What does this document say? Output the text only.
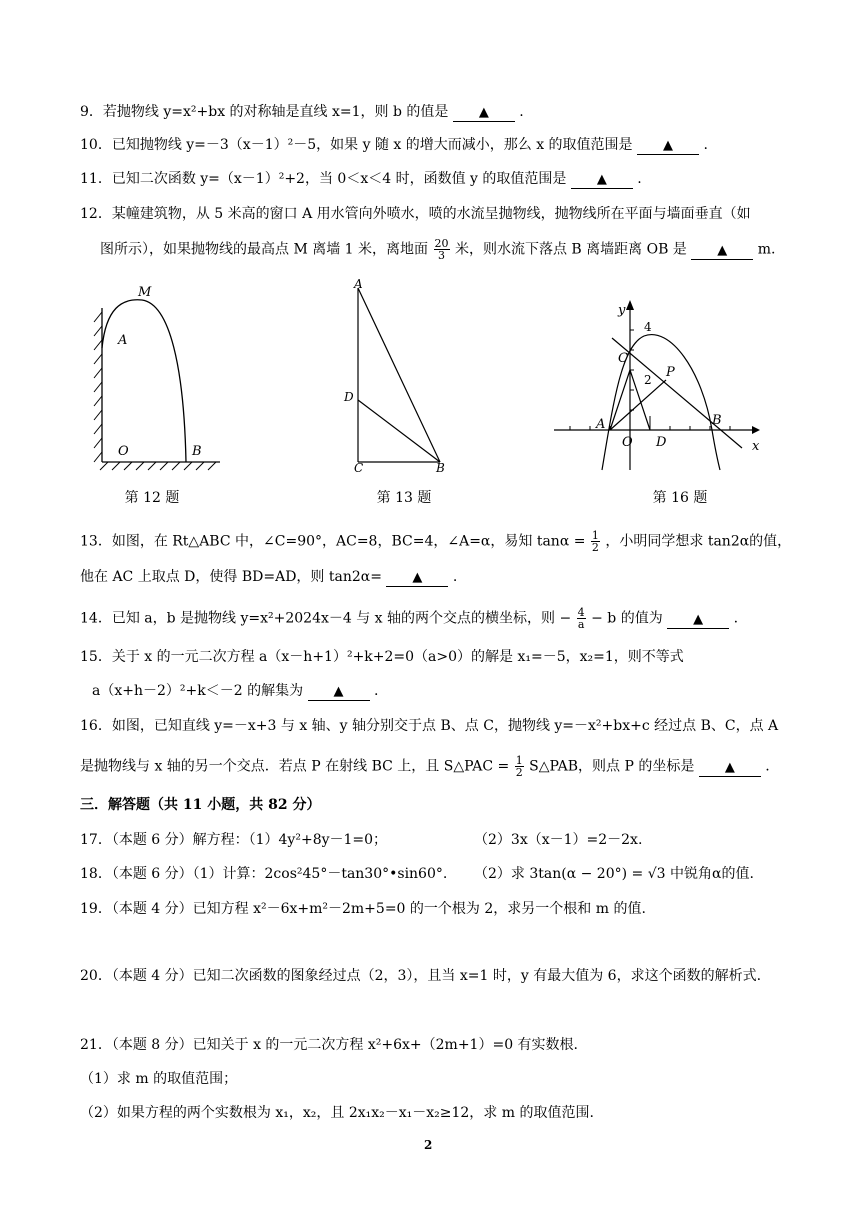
9．若抛物线 y=x²+bx 的对称轴是直线 x=1，则 b 的值是 ▲ .
10．已知抛物线 y=－3（x－1）²－5，如果 y 随 x 的增大而减小，那么 x 的取值范围是 ▲ .
11．已知二次函数 y=（x－1）²+2，当 0＜x＜4 时，函数值 y 的取值范围是 ▲ .
12．某幢建筑物，从 5 米高的窗口 A 用水管向外喷水，喷的水流呈抛物线，抛物线所在平面与墙面垂直（如
图所示），如果抛物线的最高点 M 离墙 1 米，离地面 $\frac{20}{3}$ 米，则水流下落点 B 离墙距离 OB 是 ▲ m.
M
A
O	B
第 12 题
A
D
C	B
第 13 题
y
x
4
2
C
P
A
O D
B
第 16 题
13．如图，在 Rt△ABC 中，∠C=90°，AC=8，BC=4，∠A=α，易知 $\tan\alpha = \frac{1}{2}$ ，小明同学想求 tan2α的值，
他在 AC 上取点 D，使得 BD=AD，则 tan2α= ▲ .
14．已知 a，b 是抛物线 y=x²+2024x－4 与 x 轴的两个交点的横坐标，则 − $\frac{4}{a} - b$ 的值为 ▲ .
15．关于 x 的一元二次方程 a（x－h+1）²+k+2=0（a>0）的解是 x₁=－5，x₂=1，则不等式
a（x+h－2）²+k＜－2 的解集为 ▲ .
16．如图，已知直线 y=－x+3 与 x 轴、y 轴分别交于点 B、点 C，抛物线 y=－x²+bx+c 经过点 B、C，点 A
是抛物线与 x 轴的另一个交点．若点 P 在射线 BC 上，且 S△PAC = $\frac{1}{2}$ S△PAB，则点 P 的坐标是 ▲ .
三．解答题（共 11 小题，共 82 分）
17．（本题 6 分）解方程：（1）4y²+8y－1=0；	（2）3x（x－1）=2－2x.
18．（本题 6 分）（1）计算：2cos²45°－tan30°•sin60°. （2）求 3tan(α − 20°) = √3 中锐角α的值.
19．（本题 4 分）已知方程 x²－6x+m²－2m+5=0 的一个根为 2，求另一个根和 m 的值.
20．（本题 4 分）已知二次函数的图象经过点（2，3），且当 x=1 时，y 有最大值为 6，求这个函数的解析式.
21．（本题 8 分）已知关于 x 的一元二次方程 x²+6x+（2m+1）=0 有实数根.
（1）求 m 的取值范围；
（2）如果方程的两个实数根为 x₁，x₂，且 2x₁x₂－x₁－x₂≥12，求 m 的取值范围.
2
